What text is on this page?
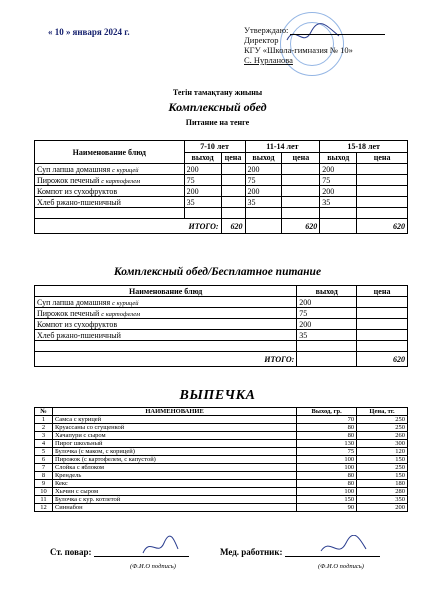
« 10 » января 2024 г.	Утверждаю:
Директор
КГУ «Школа-гимназия № 10»
С. Нурланова
Тегін тамақтану жиыны
Комплексный обед
Питание на тенге
Наименование блюд	7-10 лет		11-14 лет		15-18 лет	
	выход	цена	выход	цена	выход	цена
Суп лапша домашняя с курицей	200		200		200	
Пирожок печеный с картофелем	75		75		75	
Компот из сухофруктов	200		200		200	
Хлеб ржано-пшеничный	35		35		35	

ИТОГО:		620		620		620
Комплексный обед/Бесплатное питание
Наименование блюд	выход	цена
Суп лапша домашняя с курицей	200	
Пирожок печеный с картофелем	75	
Компот из сухофруктов	200	
Хлеб ржано-пшеничный	35	

ИТОГО:		620
ВЫПЕЧКА
№	НАИМЕНОВАНИЕ	Выход, гр.	Цена, тг.
1	Самса с курицей	70	250
2	Круассаны со сгущенкой	80	250
3	Хачапури с сыром	80	260
4	Пирог школьный	130	300
5	Булочка (с маком, с корицей)	75	120
6	Пирожок (с картофелем, с капустой)	100	150
7	Слойка с яблоком	100	250
8	Крендель	80	150
9	Кекс	80	180
10	Хычин с сыром	100	280
11	Булочка с кур. котлетой	150	350
12	Синнабон	90	200
Ст. повар:	Мед. работник:
(Ф.И.О подпись)	(Ф.И.О подпись)
